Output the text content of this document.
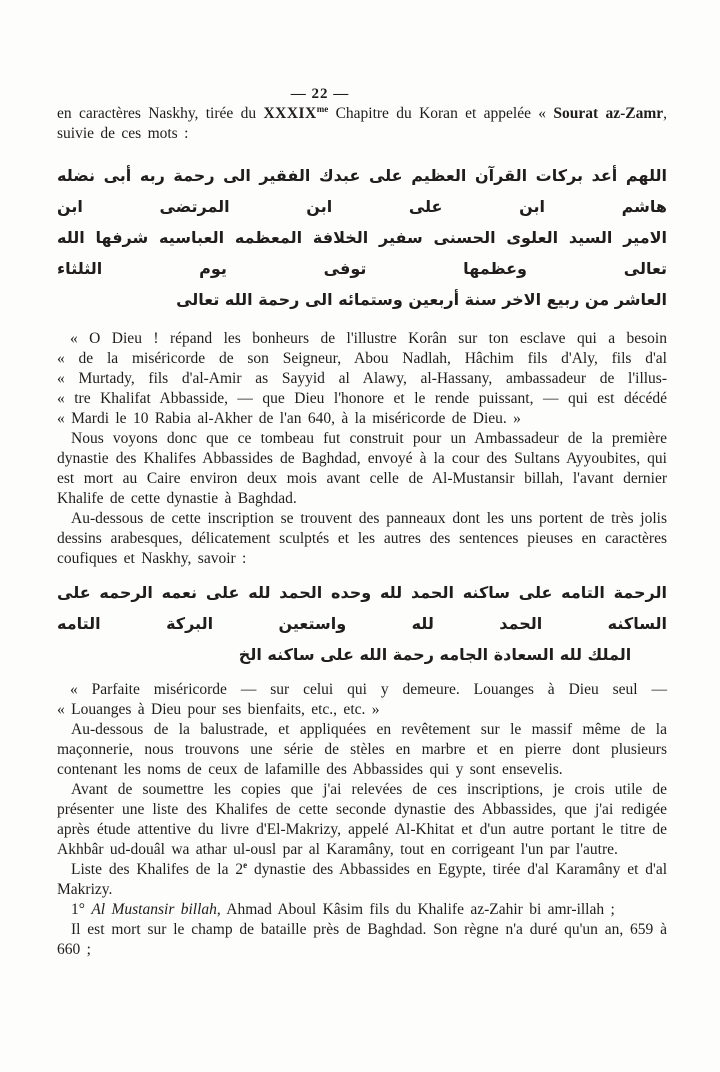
— 22 —

en caractères Naskhy, tirée du $XXXIX^{me}$ Chapitre du Koran et appelée « Sourat az-Zamr, suivie de ces mots :

اللهم أعد بركات القرآن العظيم على عبدك الفقير الى رحمة ربه أبى نضله هاشم ابن على ابن المرتضى ابن
الامير السيد العلوى الحسنى سفير الخلافة المعظمه العباسيه شرفها الله تعالى وعظمها توفى يوم الثلثاء
العاشر من ربيع الاخر سنة أربعين وستمائه الى رحمة الله تعالى
« O Dieu ! répand les bonheurs de l'illustre Korân sur ton esclave qui a besoin
« de la miséricorde de son Seigneur, Abou Nadlah, Hâchim fils d'Aly, fils d'al
« Murtady, fils d'al-Amir as Sayyid al Alawy, al-Hassany, ambassadeur de l'illus-
« tre Khalifat Abbasside, — que Dieu l'honore et le rende puissant, — qui est décédé
« Mardi le 10 Rabia al-Akher de l'an 640, à la miséricorde de Dieu. »

Nous voyons donc que ce tombeau fut construit pour un Ambassadeur de la première dynastie des Khalifes Abbassides de Baghdad, envoyé à la cour des Sultans Ayyoubites, qui est mort au Caire environ deux mois avant celle de Al-Mustansir billah, l'avant dernier Khalife de cette dynastie à Baghdad.

Au-dessous de cette inscription se trouvent des panneaux dont les uns portent de très jolis dessins arabesques, délicatement sculptés et les autres des sentences pieuses en caractères coufiques et Naskhy, savoir :

الرحمة التامه على ساكنه الحمد لله وحده الحمد لله على نعمه الرحمه على الساكنه الحمد لله واستعين البركة التامه
الملك لله السعادة الجامه رحمة الله على ساكنه الخ
« Parfaite miséricorde — sur celui qui y demeure. Louanges à Dieu seul —
« Louanges à Dieu pour ses bienfaits, etc., etc. »

Au-dessous de la balustrade, et appliquées en revêtement sur le massif même de la maçonnerie, nous trouvons une série de stèles en marbre et en pierre dont plusieurs contenant les noms de ceux de lafamille des Abbassides qui y sont ensevelis.

Avant de soumettre les copies que j'ai relevées de ces inscriptions, je crois utile de présenter une liste des Khalifes de cette seconde dynastie des Abbassides, que j'ai redigée après étude attentive du livre d'El-Makrizy, appelé Al-Khitat et d'un autre portant le titre de Akhbâr ud-douâl wa athar ul-ousl par al Karamâny, tout en corrigeant l'un par l'autre.

Liste des Khalifes de la 2e dynastie des Abbassides en Egypte, tirée d'al Karamâny et d'al Makrizy.

1° Al Mustansir billah, Ahmad Aboul Kâsim fils du Khalife az-Zahir bi amr-illah ;

Il est mort sur le champ de bataille près de Baghdad. Son règne n'a duré qu'un an, 659 à 660 ;
